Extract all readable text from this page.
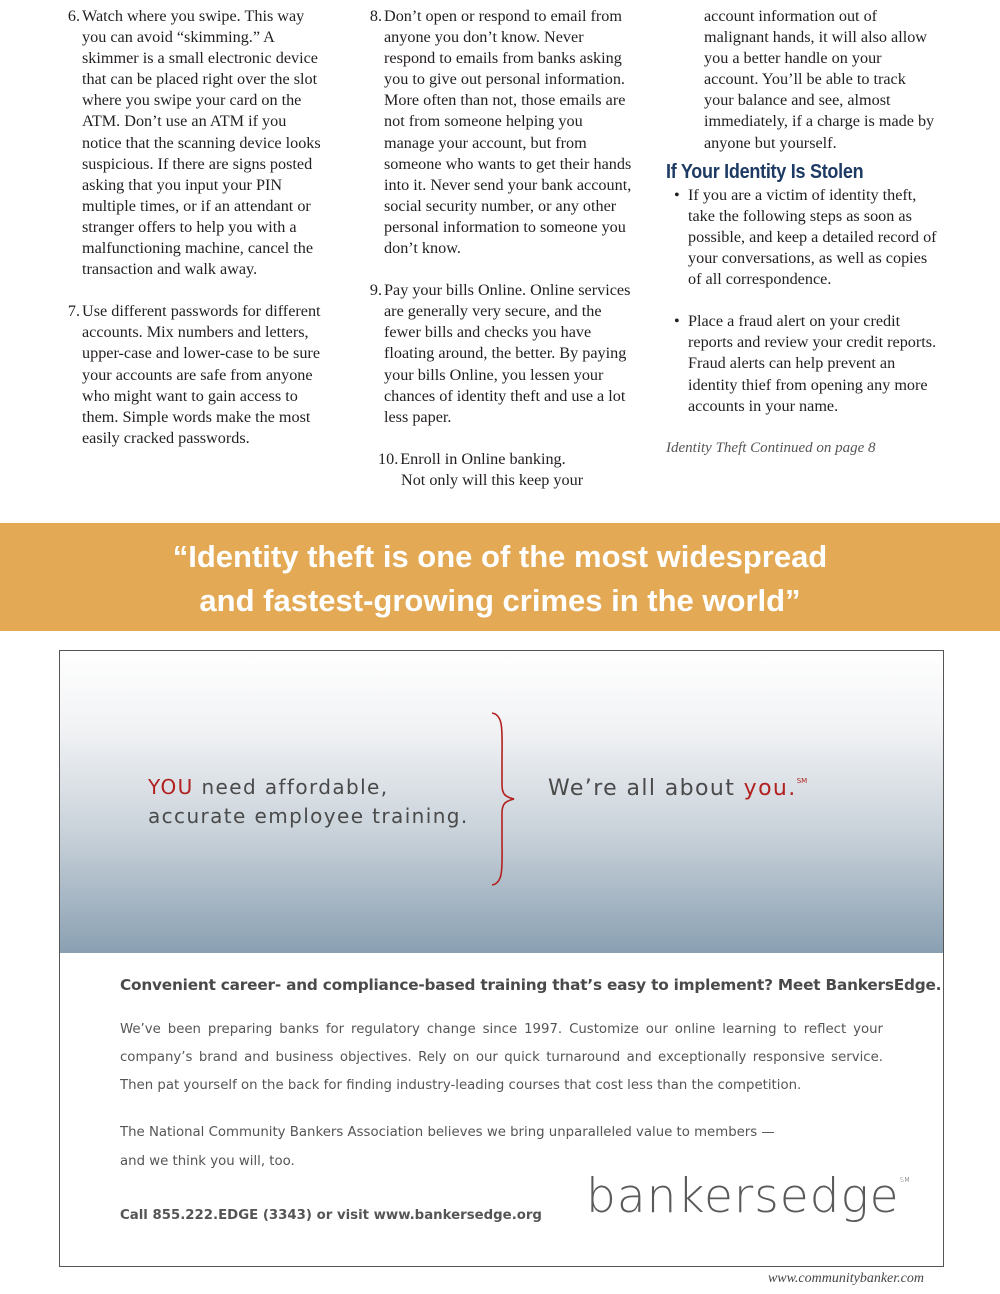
6. Watch where you swipe. This way you can avoid “skimming.” A skimmer is a small electronic device that can be placed right over the slot where you swipe your card on the ATM. Don’t use an ATM if you notice that the scanning device looks suspicious. If there are signs posted asking that you input your PIN multiple times, or if an attendant or stranger offers to help you with a malfunctioning machine, cancel the transaction and walk away.
7. Use different passwords for different accounts. Mix numbers and letters, upper-case and lower-case to be sure your accounts are safe from anyone who might want to gain access to them. Simple words make the most easily cracked passwords.
8. Don’t open or respond to email from anyone you don’t know. Never respond to emails from banks asking you to give out personal information. More often than not, those emails are not from someone helping you manage your account, but from someone who wants to get their hands into it. Never send your bank account, social security number, or any other personal information to someone you don’t know.
9. Pay your bills Online. Online services are generally very secure, and the fewer bills and checks you have floating around, the better. By paying your bills Online, you lessen your chances of identity theft and use a lot less paper.
10. Enroll in Online banking.
Not only will this keep your
account information out of malignant hands, it will also allow you a better handle on your account. You’ll be able to track your balance and see, almost immediately, if a charge is made by anyone but yourself.
If Your Identity Is Stolen
• If you are a victim of identity theft, take the following steps as soon as possible, and keep a detailed record of your conversations, as well as copies of all correspondence.
• Place a fraud alert on your credit reports and review your credit reports. Fraud alerts can help prevent an identity thief from opening any more accounts in your name.
Identity Theft Continued on page 8
“Identity theft is one of the most widespread
and fastest-growing crimes in the world”
YOU need affordable,
accurate employee training.
We’re all about you.℠
Convenient career- and compliance-based training that’s easy to implement? Meet BankersEdge.
We’ve been preparing banks for regulatory change since 1997. Customize our online learning to reflect your company’s brand and business objectives. Rely on our quick turnaround and exceptionally responsive service. Then pat yourself on the back for finding industry-leading courses that cost less than the competition.
The National Community Bankers Association believes we bring unparalleled value to members —
and we think you will, too.
Call 855.222.EDGE (3343) or visit www.bankersedge.org bankersedge℠
www.communitybanker.com
